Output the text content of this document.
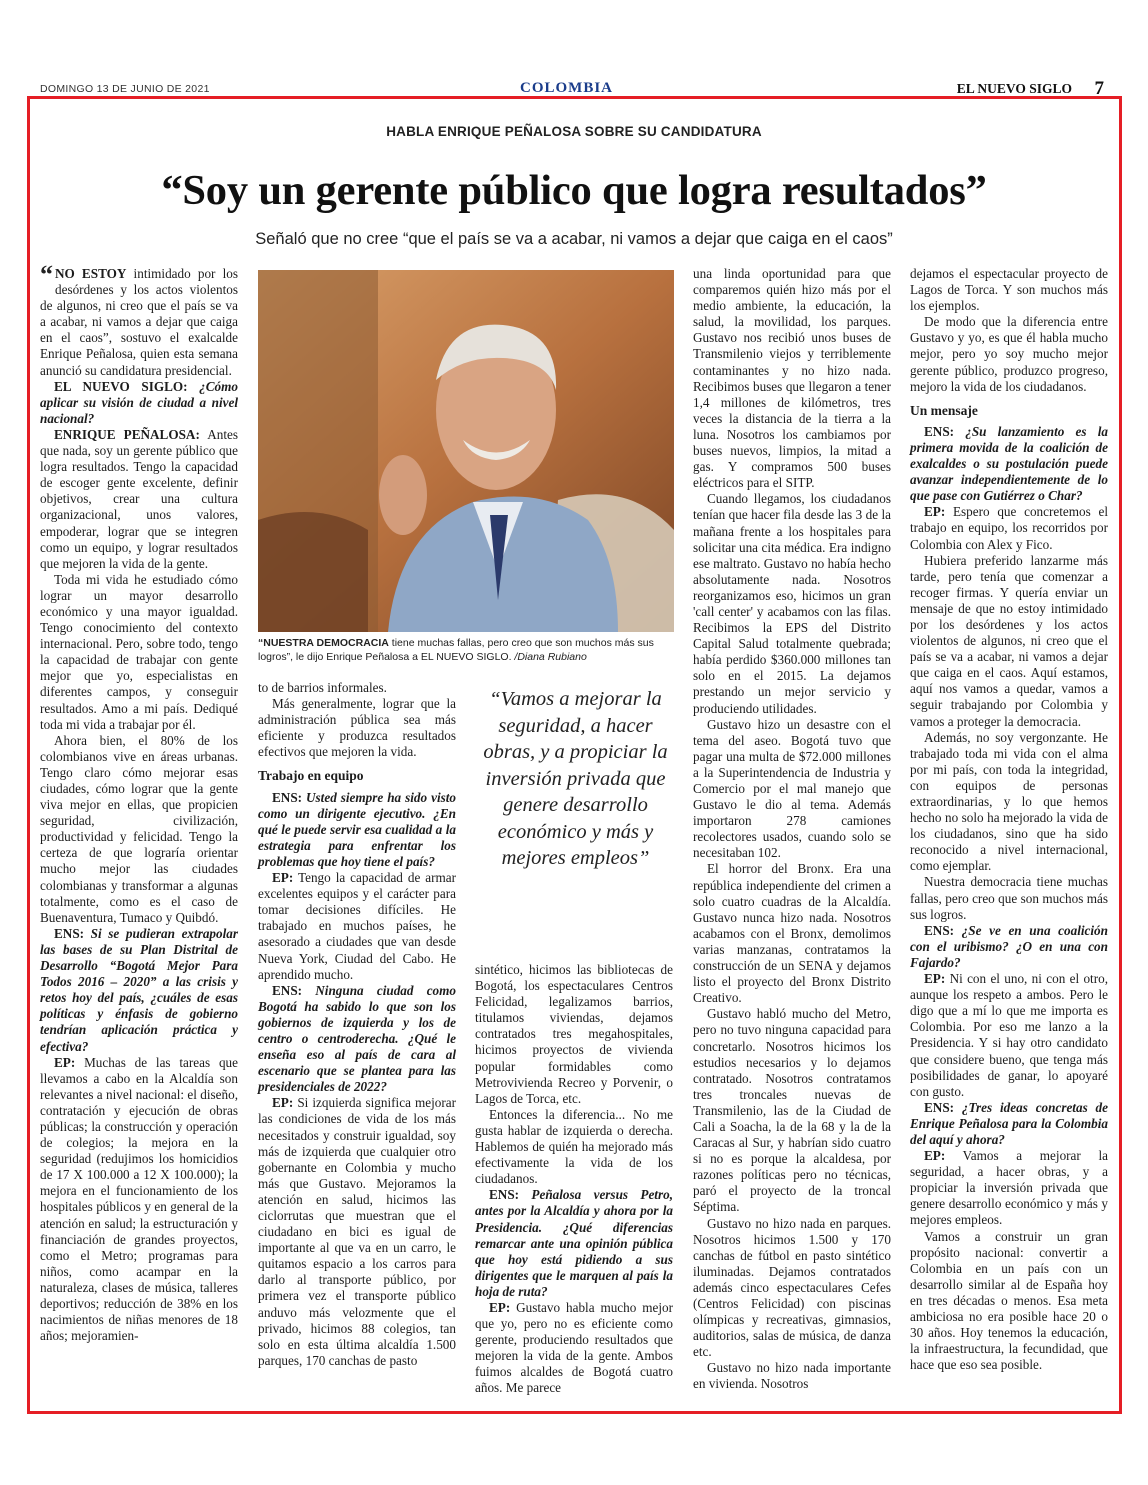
DOMINGO 13 DE JUNIO DE 2021	COLOMBIA	EL NUEVO SIGLO 7
HABLA ENRIQUE PEÑALOSA SOBRE SU CANDIDATURA
“Soy un gerente público que logra resultados”
Señaló que no cree “que el país se va a acabar, ni vamos a dejar que caiga en el caos”

“ NO ESTOY intimidado por los desórdenes y los actos violentos de algunos, ni creo que el país se va a acabar, ni vamos a dejar que caiga en el caos”, sostuvo el exalcalde Enrique Peñalosa, quien esta semana anunció su candidatura presidencial.

EL NUEVO SIGLO: ¿Cómo aplicar su visión de ciudad a nivel nacional?

ENRIQUE PEÑALOSA: Antes que nada, soy un gerente público que logra resultados. Tengo la capacidad de escoger gente excelente, definir objetivos, crear una cultura organizacional, unos valores, empoderar, lograr que se integren como un equipo, y lograr resultados que mejoren la vida de la gente.

Toda mi vida he estudiado cómo lograr un mayor desarrollo económico y una mayor igualdad. Tengo conocimiento del contexto internacional. Pero, sobre todo, tengo la capacidad de trabajar con gente mejor que yo, especialistas en diferentes campos, y conseguir resultados. Amo a mi país. Dediqué toda mi vida a trabajar por él.

Ahora bien, el 80% de los colombianos vive en áreas urbanas. Tengo claro cómo mejorar esas ciudades, cómo lograr que la gente viva mejor en ellas, que propicien seguridad, civilización, productividad y felicidad. Tengo la certeza de que lograría orientar mucho mejor las ciudades colombianas y transformar a algunas totalmente, como es el caso de Buenaventura, Tumaco y Quibdó.

ENS: Si se pudieran extrapolar las bases de su Plan Distrital de Desarrollo “Bogotá Mejor Para Todos 2016 – 2020” a las crisis y retos hoy del país, ¿cuáles de esas políticas y énfasis de gobierno tendrían aplicación práctica y efectiva?

EP: Muchas de las tareas que llevamos a cabo en la Alcaldía son relevantes a nivel nacional: el diseño, contratación y ejecución de obras públicas; la construcción y operación de colegios; la mejora en la seguridad (redujimos los homicidios de 17 X 100.000 a 12 X 100.000); la mejora en el funcionamiento de los hospitales públicos y en general de la atención en salud; la estructuración y financiación de grandes proyectos, como el Metro; programas para niños, como acampar en la naturaleza, clases de música, talleres deportivos; reducción de 38% en los nacimientos de niñas menores de 18 años; mejoramien-

“NUESTRA DEMOCRACIA tiene muchas fallas, pero creo que son muchos más sus logros”, le dijo Enrique Peñalosa a EL NUEVO SIGLO. /Diana Rubiano

to de barrios informales.

Más generalmente, lograr que la administración pública sea más eficiente y produzca resultados efectivos que mejoren la vida.

Trabajo en equipo

ENS: Usted siempre ha sido visto como un dirigente ejecutivo. ¿En qué le puede servir esa cualidad a la estrategia para enfrentar los problemas que hoy tiene el país?

EP: Tengo la capacidad de armar excelentes equipos y el carácter para tomar decisiones difíciles. He trabajado en muchos países, he asesorado a ciudades que van desde Nueva York, Ciudad del Cabo. He aprendido mucho.

ENS: Ninguna ciudad como Bogotá ha sabido lo que son los gobiernos de izquierda y los de centro o centroderecha. ¿Qué le enseña eso al país de cara al escenario que se plantea para las presidenciales de 2022?

EP: Si izquierda significa mejorar las condiciones de vida de los más necesitados y construir igualdad, soy más de izquierda que cualquier otro gobernante en Colombia y mucho más que Gustavo. Mejoramos la atención en salud, hicimos las ciclorrutas que muestran que el ciudadano en bici es igual de importante al que va en un carro, le quitamos espacio a los carros para darlo al transporte público, por primera vez el transporte público anduvo más velozmente que el privado, hicimos 88 colegios, tan solo en esta última alcaldía 1.500 parques, 170 canchas de pasto

“Vamos a mejorar la seguridad, a hacer obras, y a propiciar la inversión privada que genere desarrollo económico y más y mejores empleos”

sintético, hicimos las bibliotecas de Bogotá, los espectaculares Centros Felicidad, legalizamos barrios, titulamos viviendas, dejamos contratados tres megahospitales, hicimos proyectos de vivienda popular formidables como Metrovivienda Recreo y Porvenir, o Lagos de Torca, etc.

Entonces la diferencia... No me gusta hablar de izquierda o derecha. Hablemos de quién ha mejorado más efectivamente la vida de los ciudadanos.

ENS: Peñalosa versus Petro, antes por la Alcaldía y ahora por la Presidencia. ¿Qué diferencias remarcar ante una opinión pública que hoy está pidiendo a sus dirigentes que le marquen al país la hoja de ruta?

EP: Gustavo habla mucho mejor que yo, pero no es eficiente como gerente, produciendo resultados que mejoren la vida de la gente. Ambos fuimos alcaldes de Bogotá cuatro años. Me parece

una linda oportunidad para que comparemos quién hizo más por el medio ambiente, la educación, la salud, la movilidad, los parques. Gustavo nos recibió unos buses de Transmilenio viejos y terriblemente contaminantes y no hizo nada. Recibimos buses que llegaron a tener 1,4 millones de kilómetros, tres veces la distancia de la tierra a la luna. Nosotros los cambiamos por buses nuevos, limpios, la mitad a gas. Y compramos 500 buses eléctricos para el SITP.

Cuando llegamos, los ciudadanos tenían que hacer fila desde las 3 de la mañana frente a los hospitales para solicitar una cita médica. Era indigno ese maltrato. Gustavo no había hecho absolutamente nada. Nosotros reorganizamos eso, hicimos un gran 'call center' y acabamos con las filas. Recibimos la EPS del Distrito Capital Salud totalmente quebrada; había perdido $360.000 millones tan solo en el 2015. La dejamos prestando un mejor servicio y produciendo utilidades.

Gustavo hizo un desastre con el tema del aseo. Bogotá tuvo que pagar una multa de $72.000 millones a la Superintendencia de Industria y Comercio por el mal manejo que Gustavo le dio al tema. Además importaron 278 camiones recolectores usados, cuando solo se necesitaban 102.

El horror del Bronx. Era una república independiente del crimen a solo cuatro cuadras de la Alcaldía. Gustavo nunca hizo nada. Nosotros acabamos con el Bronx, demolimos varias manzanas, contratamos la construcción de un SENA y dejamos listo el proyecto del Bronx Distrito Creativo.

Gustavo habló mucho del Metro, pero no tuvo ninguna capacidad para concretarlo. Nosotros hicimos los estudios necesarios y lo dejamos contratado. Nosotros contratamos tres troncales nuevas de Transmilenio, las de la Ciudad de Cali a Soacha, la de la 68 y la de la Caracas al Sur, y habrían sido cuatro si no es porque la alcaldesa, por razones políticas pero no técnicas, paró el proyecto de la troncal Séptima.

Gustavo no hizo nada en parques. Nosotros hicimos 1.500 y 170 canchas de fútbol en pasto sintético iluminadas. Dejamos contratados además cinco espectaculares Cefes (Centros Felicidad) con piscinas olímpicas y recreativas, gimnasios, auditorios, salas de música, de danza etc.

Gustavo no hizo nada importante en vivienda. Nosotros

dejamos el espectacular proyecto de Lagos de Torca. Y son muchos más los ejemplos.

De modo que la diferencia entre Gustavo y yo, es que él habla mucho mejor, pero yo soy mucho mejor gerente público, produzco progreso, mejoro la vida de los ciudadanos.

Un mensaje

ENS: ¿Su lanzamiento es la primera movida de la coalición de exalcaldes o su postulación puede avanzar independientemente de lo que pase con Gutiérrez o Char?

EP: Espero que concretemos el trabajo en equipo, los recorridos por Colombia con Alex y Fico.

Hubiera preferido lanzarme más tarde, pero tenía que comenzar a recoger firmas. Y quería enviar un mensaje de que no estoy intimidado por los desórdenes y los actos violentos de algunos, ni creo que el país se va a acabar, ni vamos a dejar que caiga en el caos. Aquí estamos, aquí nos vamos a quedar, vamos a seguir trabajando por Colombia y vamos a proteger la democracia.

Además, no soy vergonzante. He trabajado toda mi vida con el alma por mi país, con toda la integridad, con equipos de personas extraordinarias, y lo que hemos hecho no solo ha mejorado la vida de los ciudadanos, sino que ha sido reconocido a nivel internacional, como ejemplar.

Nuestra democracia tiene muchas fallas, pero creo que son muchos más sus logros.

ENS: ¿Se ve en una coalición con el uribismo? ¿O en una con Fajardo?

EP: Ni con el uno, ni con el otro, aunque los respeto a ambos. Pero le digo que a mí lo que me importa es Colombia. Por eso me lanzo a la Presidencia. Y si hay otro candidato que considere bueno, que tenga más posibilidades de ganar, lo apoyaré con gusto.

ENS: ¿Tres ideas concretas de Enrique Peñalosa para la Colombia del aquí y ahora?

EP: Vamos a mejorar la seguridad, a hacer obras, y a propiciar la inversión privada que genere desarrollo económico y más y mejores empleos.

Vamos a construir un gran propósito nacional: convertir a Colombia en un país con un desarrollo similar al de España hoy en tres décadas o menos. Esa meta ambiciosa no era posible hace 20 o 30 años. Hoy tenemos la educación, la infraestructura, la fecundidad, que hace que eso sea posible.
